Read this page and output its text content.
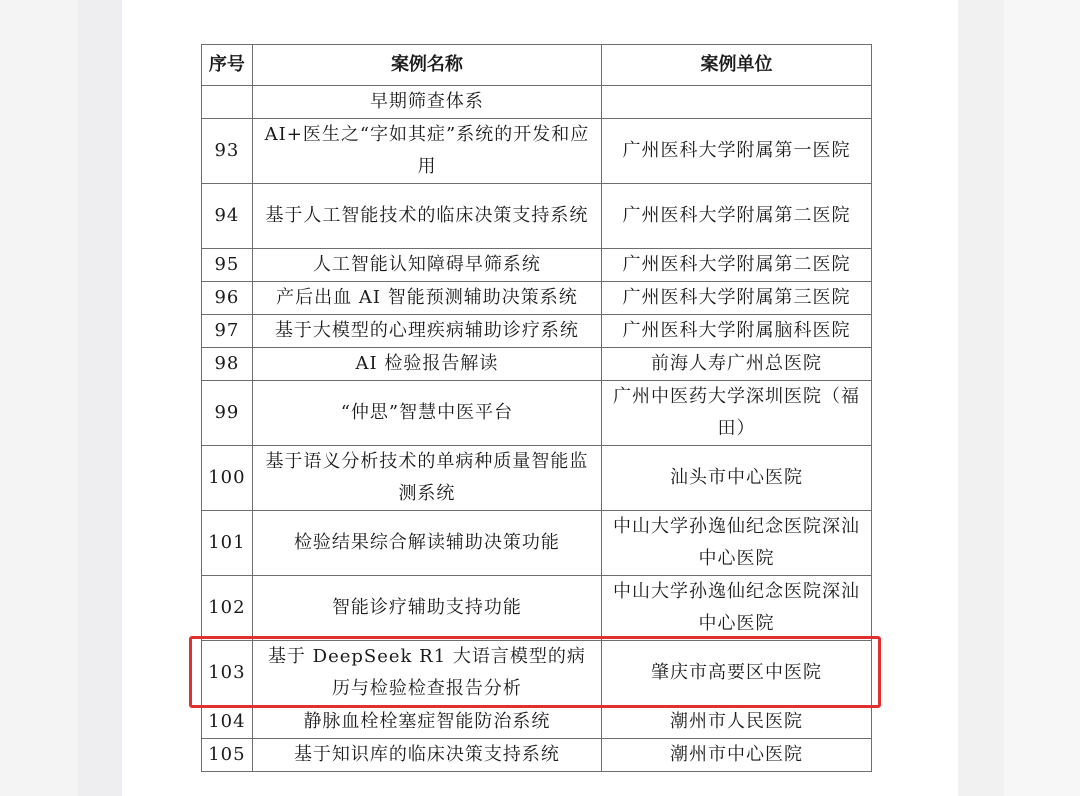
序号	案例名称	案例单位
	早期筛查体系	
93	AI+医生之“字如其症”系统的开发和应用	广州医科大学附属第一医院
94	基于人工智能技术的临床决策支持系统	广州医科大学附属第二医院
95	人工智能认知障碍早筛系统	广州医科大学附属第二医院
96	产后出血 AI 智能预测辅助决策系统	广州医科大学附属第三医院
97	基于大模型的心理疾病辅助诊疗系统	广州医科大学附属脑科医院
98	AI 检验报告解读	前海人寿广州总医院
99	“仲思”智慧中医平台	广州中医药大学深圳医院（福田）
100	基于语义分析技术的单病种质量智能监测系统	汕头市中心医院
101	检验结果综合解读辅助决策功能	中山大学孙逸仙纪念医院深汕中心医院
102	智能诊疗辅助支持功能	中山大学孙逸仙纪念医院深汕中心医院
103	基于 DeepSeek R1 大语言模型的病历与检验检查报告分析	肇庆市高要区中医院
104	静脉血栓栓塞症智能防治系统	潮州市人民医院
105	基于知识库的临床决策支持系统	潮州市中心医院
